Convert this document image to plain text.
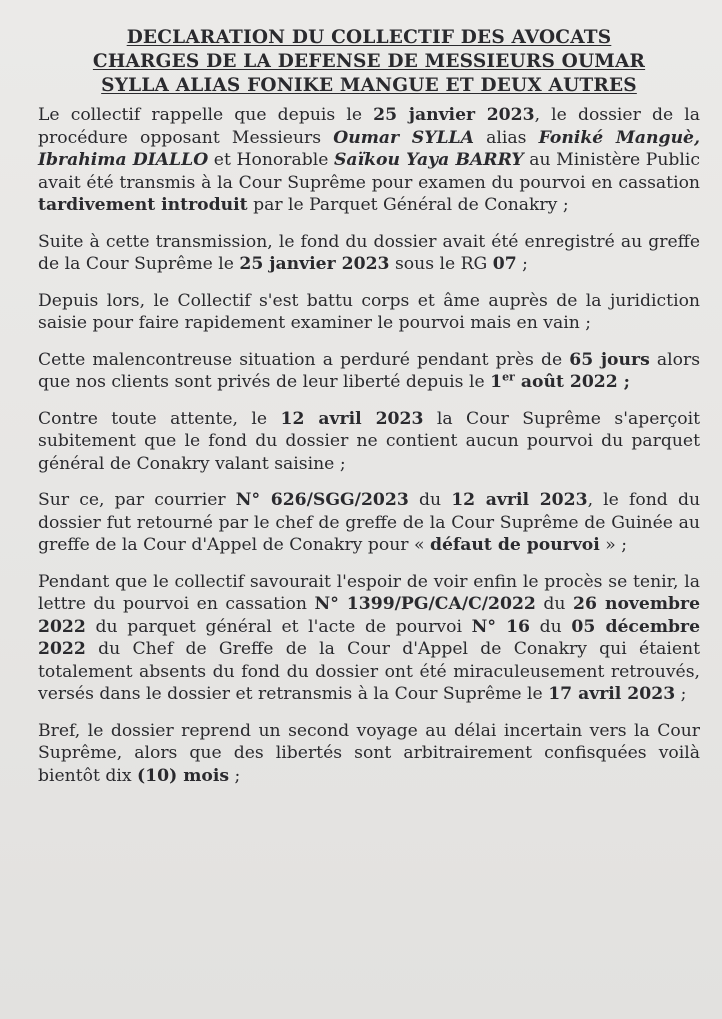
DECLARATION DU COLLECTIF DES AVOCATS
CHARGES DE LA DEFENSE DE MESSIEURS OUMAR
SYLLA ALIAS FONIKE MANGUE ET DEUX AUTRES

Le collectif rappelle que depuis le 25 janvier 2023, le dossier de la procédure opposant Messieurs Oumar SYLLA alias Foniké Manguè, Ibrahima DIALLO et Honorable Saïkou Yaya BARRY au Ministère Public avait été transmis à la Cour Suprême pour examen du pourvoi en cassation tardivement introduit par le Parquet Général de Conakry ;

Suite à cette transmission, le fond du dossier avait été enregistré au greffe de la Cour Suprême le 25 janvier 2023 sous le RG 07 ;

Depuis lors, le Collectif s'est battu corps et âme auprès de la juridiction saisie pour faire rapidement examiner le pourvoi mais en vain ;

Cette malencontreuse situation a perduré pendant près de 65 jours alors que nos clients sont privés de leur liberté depuis le 1er août 2022 ;

Contre toute attente, le 12 avril 2023 la Cour Suprême s'aperçoit subitement que le fond du dossier ne contient aucun pourvoi du parquet général de Conakry valant saisine ;

Sur ce, par courrier N° 626/SGG/2023 du 12 avril 2023, le fond du dossier fut retourné par le chef de greffe de la Cour Suprême de Guinée au greffe de la Cour d'Appel de Conakry pour « défaut de pourvoi » ;

Pendant que le collectif savourait l'espoir de voir enfin le procès se tenir, la lettre du pourvoi en cassation N° 1399/PG/CA/C/2022 du 26 novembre 2022 du parquet général et l'acte de pourvoi N° 16 du 05 décembre 2022 du Chef de Greffe de la Cour d'Appel de Conakry qui étaient totalement absents du fond du dossier ont été miraculeusement retrouvés, versés dans le dossier et retransmis à la Cour Suprême le 17 avril 2023 ;

Bref, le dossier reprend un second voyage au délai incertain vers la Cour Suprême, alors que des libertés sont arbitrairement confisquées voilà bientôt dix (10) mois ;
